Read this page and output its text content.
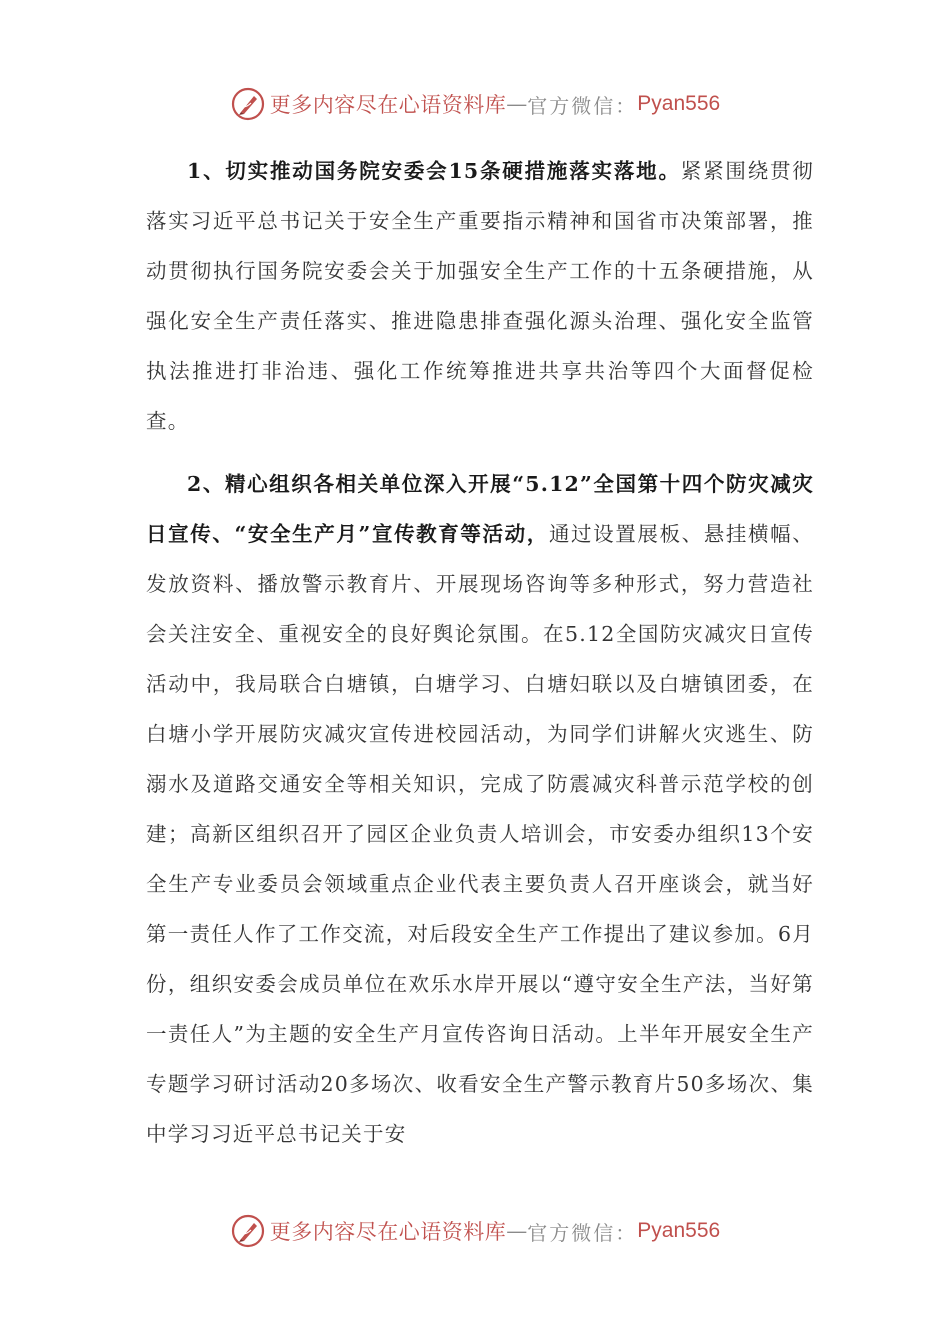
更多内容尽在心语资料库 — 官方微信： Pyan556

1、切实推动国务院安委会15条硬措施落实落地。紧紧围绕贯彻落实习近平总书记关于安全生产重要指示精神和国省市决策部署，推动贯彻执行国务院安委会关于加强安全生产工作的十五条硬措施，从强化安全生产责任落实、推进隐患排查强化源头治理、强化安全监管执法推进打非治违、强化工作统筹推进共享共治等四个大面督促检查。

2、精心组织各相关单位深入开展“5.12”全国第十四个防灾减灾日宣传、“安全生产月”宣传教育等活动，通过设置展板、悬挂横幅、发放资料、播放警示教育片、开展现场咨询等多种形式，努力营造社会关注安全、重视安全的良好舆论氛围。在5.12全国防灾减灾日宣传活动中，我局联合白塘镇，白塘学习、白塘妇联以及白塘镇团委，在白塘小学开展防灾减灾宣传进校园活动，为同学们讲解火灾逃生、防溺水及道路交通安全等相关知识，完成了防震减灾科普示范学校的创建；高新区组织召开了园区企业负责人培训会，市安委办组织13个安全生产专业委员会领域重点企业代表主要负责人召开座谈会，就当好第一责任人作了工作交流，对后段安全生产工作提出了建议参加。6月份，组织安委会成员单位在欢乐水岸开展以“遵守安全生产法，当好第一责任人”为主题的安全生产月宣传咨询日活动。上半年开展安全生产专题学习研讨活动20多场次、收看安全生产警示教育片50多场次、集中学习习近平总书记关于安

更多内容尽在心语资料库 — 官方微信： Pyan556
